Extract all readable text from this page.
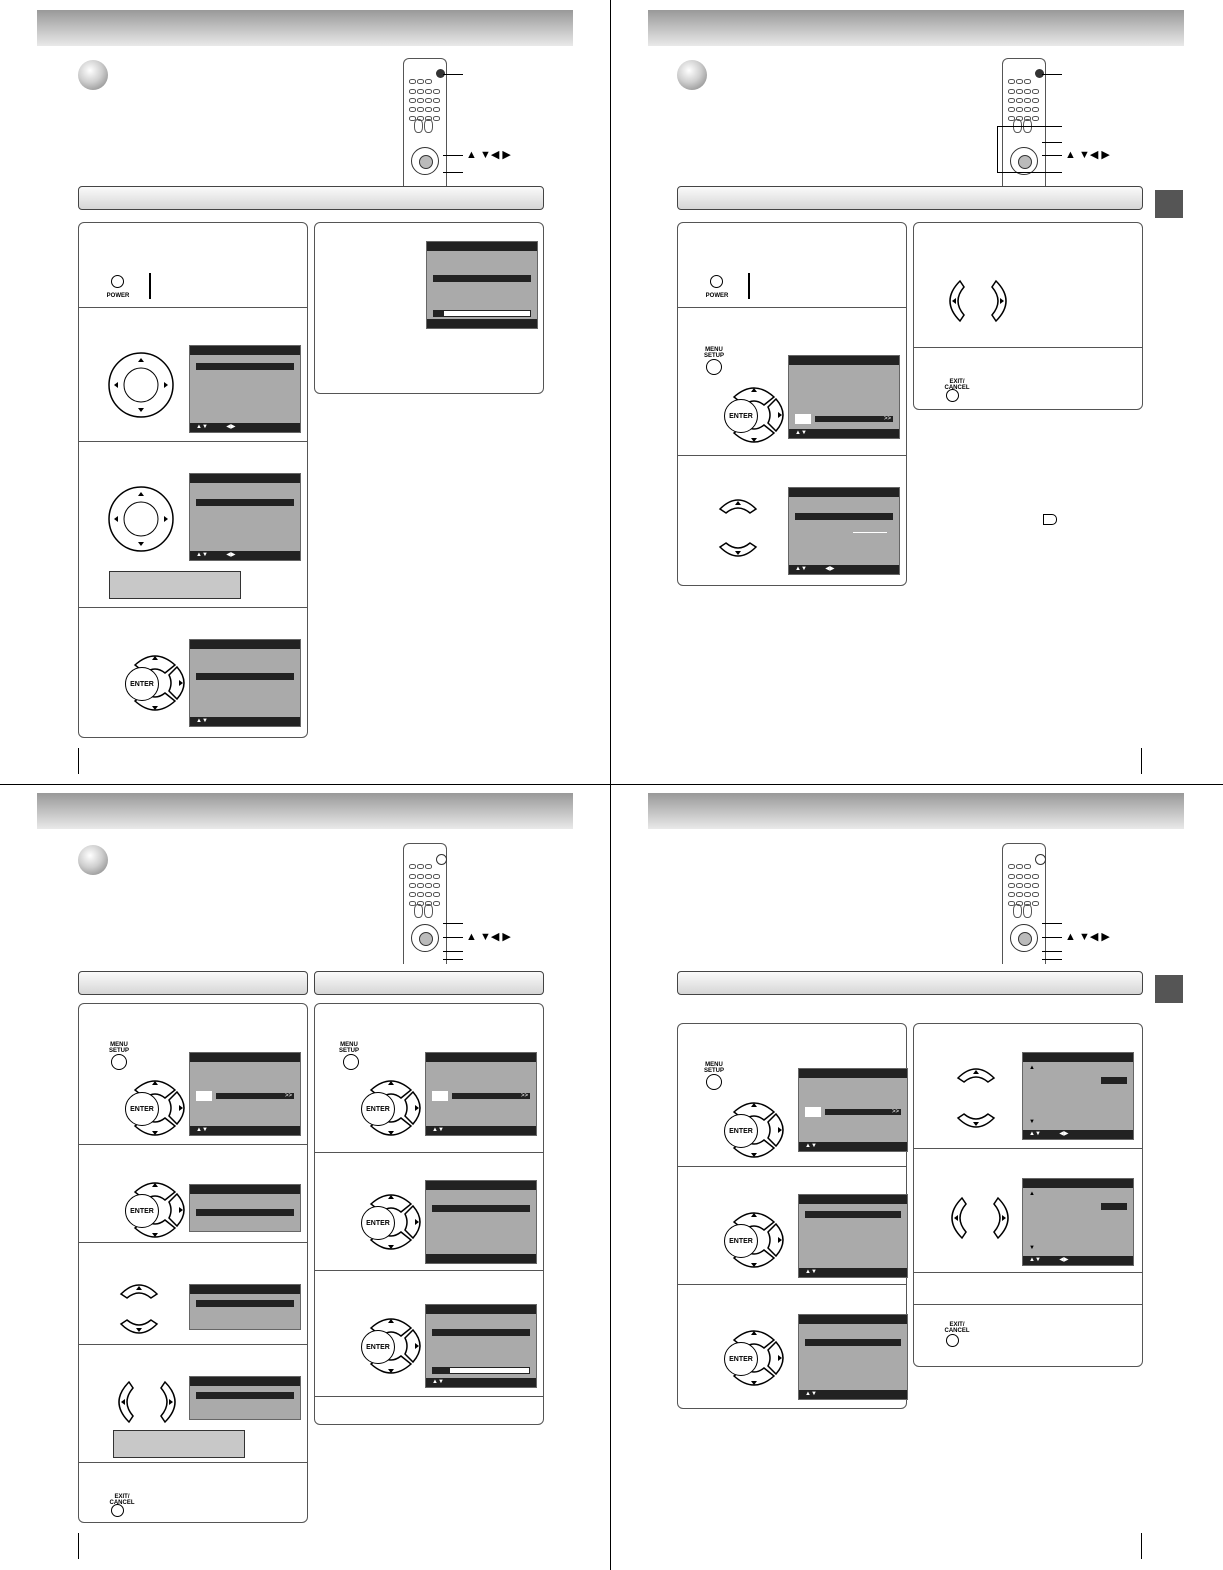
▲ ▼◀ ▶
POWER
▲▼	◀▶
▲▼	◀▶
ENTER
▲▼
▲ ▼◀ ▶
POWER
MENU
SETUP
ENTER	>>
▲▼
▲▼	◀▶
EXIT/
CANCEL
▲ ▼◀ ▶
MENU
SETUP
ENTER
>>
▲▼
ENTER
EXIT/
CANCEL
MENU
SETUP
ENTER
>>
▲▼
ENTER
ENTER
▲▼
▲ ▼◀ ▶
MENU
SETUP
ENTER
>>
▲▼
ENTER
▲▼
ENTER
▲▼
▲
▼
▲▼	◀▶
▲
▼
▲▼	◀▶
EXIT/
CANCEL
